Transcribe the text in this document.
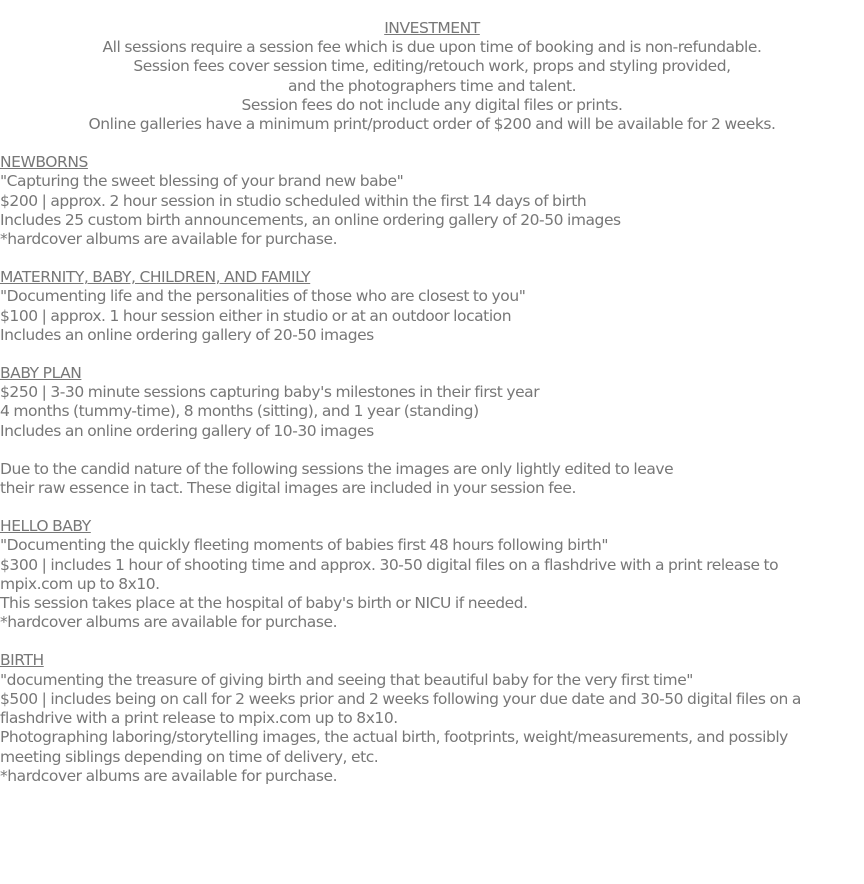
INVESTMENT

All sessions require a session fee which is due upon time of booking and is non-refundable.

Session fees cover session time, editing/retouch work, props and styling provided,

and the photographers time and talent.

Session fees do not include any digital files or prints.

Online galleries have a minimum print/product order of $200 and will be available for 2 weeks.

NEWBORNS

"Capturing the sweet blessing of your brand new babe"

$200 | approx. 2 hour session in studio scheduled within the first 14 days of birth

Includes 25 custom birth announcements, an online ordering gallery of 20-50 images

*hardcover albums are available for purchase.

MATERNITY, BABY, CHILDREN, AND FAMILY

"Documenting life and the personalities of those who are closest to you"

$100 | approx. 1 hour session either in studio or at an outdoor location

Includes an online ordering gallery of 20-50 images

BABY PLAN

$250 | 3-30 minute sessions capturing baby's milestones in their first year

4 months (tummy-time), 8 months (sitting), and 1 year (standing)

Includes an online ordering gallery of 10-30 images

Due to the candid nature of the following sessions the images are only lightly edited to leave

their raw essence in tact. These digital images are included in your session fee.

HELLO BABY

"Documenting the quickly fleeting moments of babies first 48 hours following birth"

$300 | includes 1 hour of shooting time and approx. 30-50 digital files on a flashdrive with a print release to mpix.com up to 8x10.

This session takes place at the hospital of baby's birth or NICU if needed.

*hardcover albums are available for purchase.

BIRTH

"documenting the treasure of giving birth and seeing that beautiful baby for the very first time"

$500 | includes being on call for 2 weeks prior and 2 weeks following your due date and 30-50 digital files on a flashdrive with a print release to mpix.com up to 8x10.

Photographing laboring/storytelling images, the actual birth, footprints, weight/measurements, and possibly meeting siblings depending on time of delivery, etc.

*hardcover albums are available for purchase.
